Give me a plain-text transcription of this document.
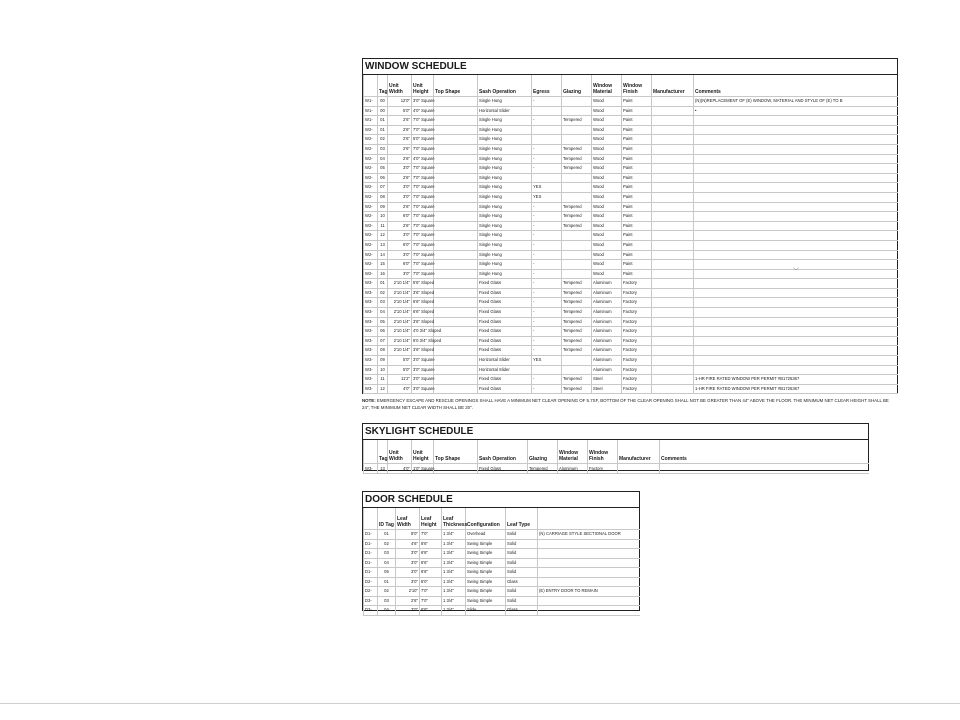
WINDOW SCHEDULE
	Tag	Unit Width	Unit Height	Top Shape	Sash Operation	Egress	Glazing	Window Material	Window Finish	Manufacturer	Comments
W1-	00	12'0"	3'0" Square		Single Hung	-		Wood	Paint		(N)(N)REPLACEMENT OF (E) WINDOW, MATERIAL AND STYLE OF (E) TO B
W1-	00	5'0"	4'0" Square		Horizontal Slider			Wood	Paint		•
W1-	01	2'6"	7'0" Square		Single Hung	-	Tempered	Wood	Paint		
W2-	01	2'6"	7'0" Square		Single Hung			Wood	Paint		
W2-	02	2'6"	5'0" Square		Single Hung			Wood	Paint		
W2-	03	2'6"	7'0" Square		Single Hung	-	Tempered	Wood	Paint		
W2-	04	2'6"	4'0" Square		Single Hung	-	Tempered	Wood	Paint		
W2-	05	3'0"	7'0" Square		Single Hung	-	Tempered	Wood	Paint		
W2-	06	2'6"	7'0" Square		Single Hung			Wood	Paint		
W2-	07	3'0"	7'0" Square		Single Hung	YES		Wood	Paint		
W2-	08	3'0"	7'0" Square		Single Hung	YES		Wood	Paint		
W2-	09	2'6"	7'0" Square		Single Hung	-	Tempered	Wood	Paint		
W2-	10	6'0"	7'0" Square		Single Hung	-	Tempered	Wood	Paint		
W2-	11	2'6"	7'0" Square		Single Hung	-	Tempered	Wood	Paint		
W2-	12	3'0"	7'0" Square		Single Hung	-		Wood	Paint		
W2-	13	6'0"	7'0" Square		Single Hung	-		Wood	Paint		
W2-	14	3'0"	7'0" Square		Single Hung	-		Wood	Paint		
W2-	15	6'0"	7'0" Square		Single Hung	-		Wood	Paint		
W2-	16	3'0"	7'0" Square		Single Hung	-		Wood	Paint		
W3-	01	2'10 1/4"	5'6" Sloped		Fixed Glass	-	Tempered	Aluminum	Factory		
W3-	02	2'10 1/4"	3'6" Sloped		Fixed Glass	-	Tempered	Aluminum	Factory		
W3-	03	2'10 1/4"	6'6" Sloped		Fixed Glass	-	Tempered	Aluminum	Factory		
W3-	04	2'10 1/4"	6'6" Sloped		Fixed Glass	-	Tempered	Aluminum	Factory		
W3-	05	2'10 1/4"	3'6" Sloped		Fixed Glass	-	Tempered	Aluminum	Factory		
W3-	06	2'10 1/4"	4'0 3/4" Sloped		Fixed Glass	-	Tempered	Aluminum	Factory		
W3-	07	2'10 1/4"	6'0 3/4" Sloped		Fixed Glass	-	Tempered	Aluminum	Factory		
W3-	08	2'10 1/4"	3'6" Sloped		Fixed Glass	-	Tempered	Aluminum	Factory		
W3-	09	5'0"	3'0" Square		Horizontal Slider	YES		Aluminum	Factory		
W3-	10	5'0"	3'0" Square		Horizontal Slider			Aluminum	Factory		
W3-	11	11'2"	3'0" Square		Fixed Glass	-	Tempered	Steel	Factory		1-HR FIRE RATED WINDOW PER PERMIT #B1725367
W3-	12	4'0"	3'0" Square		Fixed Glass	-	Tempered	Steel	Factory		1-HR FIRE RATED WINDOW PER PERMIT #B1725367
﹀
NOTE: EMERGENCY ESCAPE AND RESCUE OPENINGS SHALL HAVE A MINIMUM NET CLEAR OPENING OF 5.7SF, BOTTOM OF THE CLEAR OPENING SHALL NOT BE GREATER THAN 44" ABOVE THE FLOOR. THE MINIMUM NET CLEAR HEIGHT SHALL BE 24", THE MINIMUM NET CLEAR WIDTH SHALL BE 20".
SKYLIGHT SCHEDULE
	Tag	Unit Width	Unit Height	Top Shape	Sash Operation	Glazing	Window Material	Window Finish	Manufacturer	Comments
W3-	13	4'0"	1'0" Square		Fixed Glass	Tempered	Aluminum	Factory		
DOOR SCHEDULE
	ID Tag	Leaf Width	Leaf Height	Leaf Thickness	Configuration	Leaf Type	
D1-	01	8'0"	7'0"	1 3/4"	Overhead	Solid	(N) CARRIAGE STYLE SECTIONAL DOOR
D1-	02	4'6"	8'6"	1 3/4"	Swing Simple	Solid	
D1-	03	3'0"	6'8"	1 3/4"	Swing Simple	Solid	
D1-	04	3'0"	8'6"	1 3/4"	Swing Simple	Solid	
D1-	05	3'0"	6'8"	1 3/4"	Swing Simple	Solid	
D2-	01	3'0"	8'0"	1 3/4"	Swing Simple	Glass	
D2-	02	2'10"	7'0"	1 3/4"	Swing Simple	Solid	(E) ENTRY DOOR TO REMAIN
D3-	03	2'8"	7'0"	1 3/4"	Swing Simple	Solid	
D3-	04	3'0"	6'8"	1 3/4"	Slide	Glass	
